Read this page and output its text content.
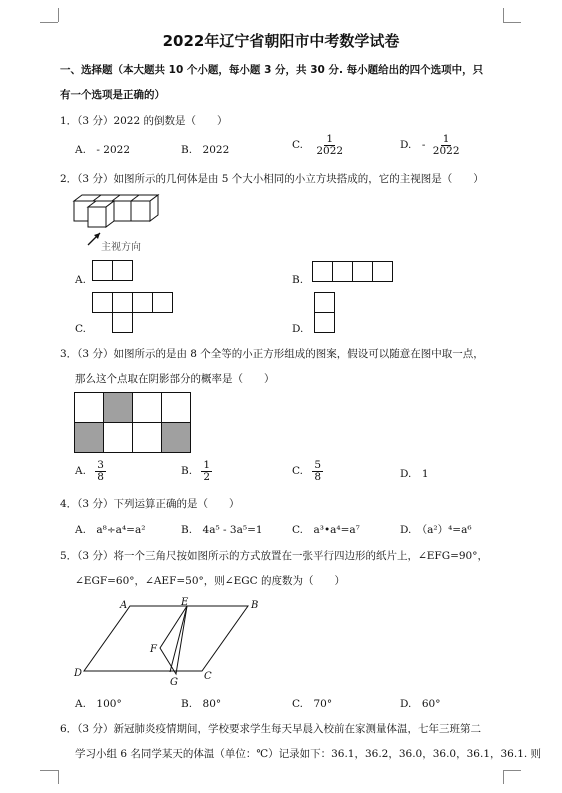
2022年辽宁省朝阳市中考数学试卷
一、选择题（本大题共 10 个小题，每小题 3 分，共 30 分. 每小题给出的四个选项中，只
有一个选项是正确的）
1．（3 分）2022 的倒数是（　　）
A.　- 2022	B.　2022	C. $\frac{1}{2022}$	D.　- $\frac{1}{2022}$
2．（3 分）如图所示的几何体是由 5 个大小相同的小立方块搭成的，它的主视图是（　　）
主视方向
A.	B.
C.	D.
3．（3 分）如图所示的是由 8 个全等的小正方形组成的图案，假设可以随意在图中取一点，
那么这个点取在阴影部分的概率是（　　）
A. $\frac{3}{8}$	B. $\frac{1}{2}$	C. $\frac{5}{8}$	D.　1
4．（3 分）下列运算正确的是（　　）
A.　a⁸÷a⁴=a²	B.　4a⁵ - 3a⁵=1	C.　a³•a⁴=a⁷	D.　（a²）⁴=a⁶
5．（3 分）将一个三角尺按如图所示的方式放置在一张平行四边形的纸片上，∠EFG=90°，
∠EGF=60°，∠AEF=50°，则∠EGC 的度数为（　　）
A	E	B
F
D
G
C
A.　100°	B.　80°	C.　70°	D.　60°
6．（3 分）新冠肺炎疫情期间，学校要求学生每天早晨入校前在家测量体温，七年三班第二
学习小组 6 名同学某天的体温（单位：℃）记录如下：36.1，36.2，36.0，36.0，36.1，36.1. 则
